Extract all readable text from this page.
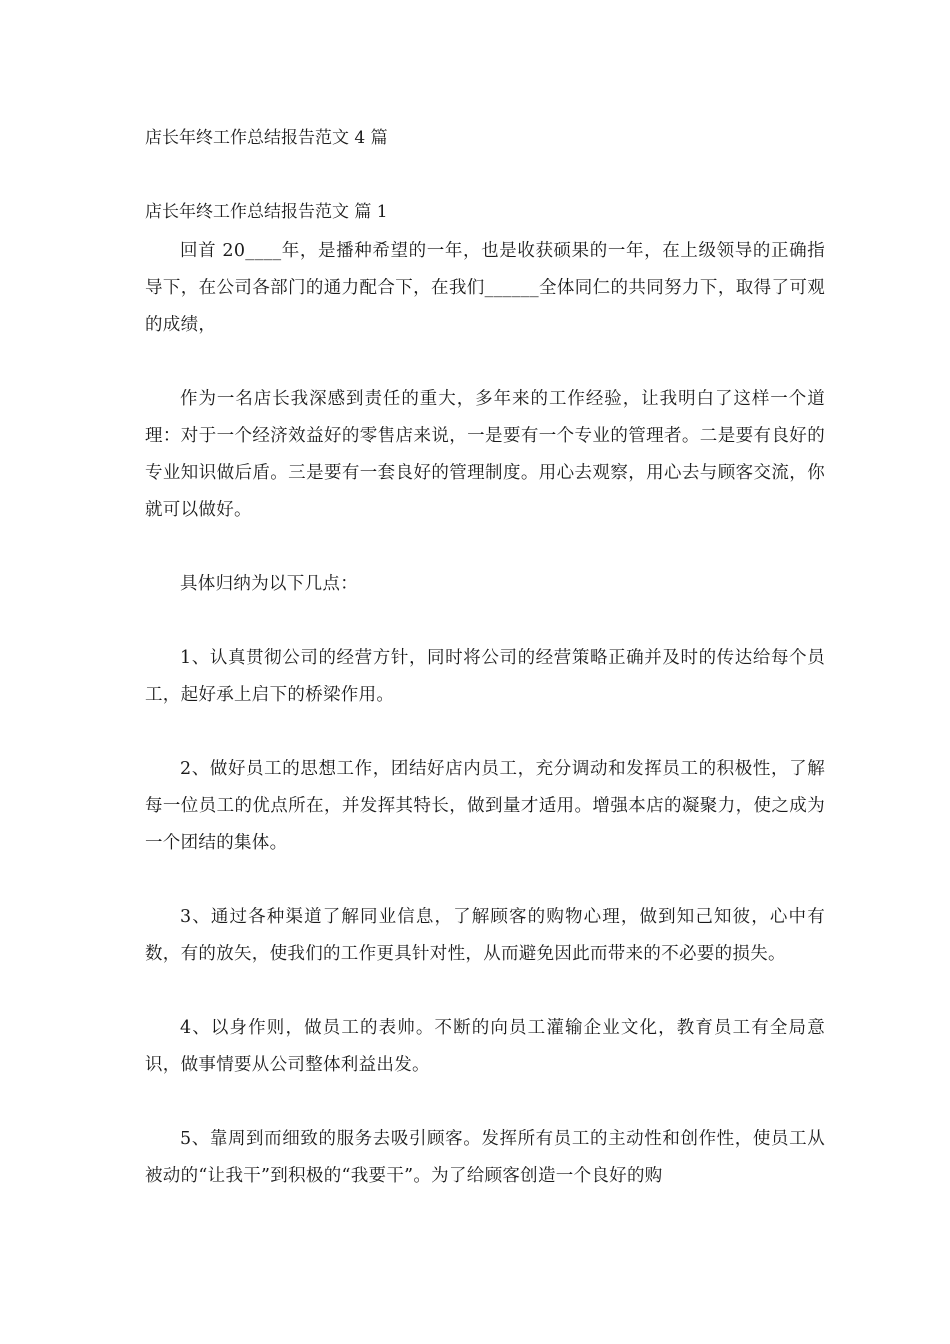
店长年终工作总结报告范文 4 篇
店长年终工作总结报告范文 篇 1

回首 20____年，是播种希望的一年，也是收获硕果的一年，在上级领导的正确指导下，在公司各部门的通力配合下，在我们______全体同仁的共同努力下，取得了可观的成绩，

作为一名店长我深感到责任的重大，多年来的工作经验，让我明白了这样一个道理：对于一个经济效益好的零售店来说，一是要有一个专业的管理者。二是要有良好的专业知识做后盾。三是要有一套良好的管理制度。用心去观察，用心去与顾客交流，你就可以做好。

具体归纳为以下几点：

1、认真贯彻公司的经营方针，同时将公司的经营策略正确并及时的传达给每个员工，起好承上启下的桥梁作用。

2、做好员工的思想工作，团结好店内员工，充分调动和发挥员工的积极性，了解每一位员工的优点所在，并发挥其特长，做到量才适用。增强本店的凝聚力，使之成为一个团结的集体。

3、通过各种渠道了解同业信息，了解顾客的购物心理，做到知己知彼，心中有数，有的放矢，使我们的工作更具针对性，从而避免因此而带来的不必要的损失。

4、以身作则，做员工的表帅。不断的向员工灌输企业文化，教育员工有全局意识，做事情要从公司整体利益出发。

5、靠周到而细致的服务去吸引顾客。发挥所有员工的主动性和创作性，使员工从被动的“让我干”到积极的“我要干”。为了给顾客创造一个良好的购
